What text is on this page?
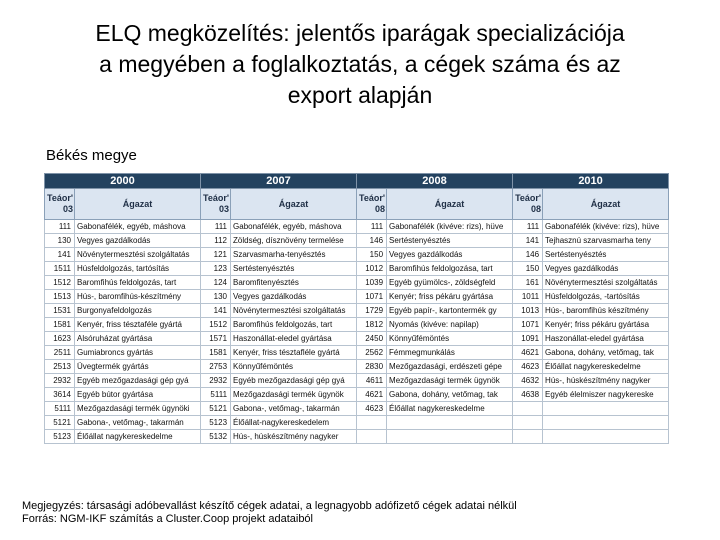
ELQ megközelítés: jelentős iparágak specializációja
a megyében a foglalkoztatás, a cégek száma és az
export alapján
Békés megye
2000		2007		2008		2010	
Teáor' 03	Ágazat	Teáor' 03	Ágazat	Teáor' 08	Ágazat	Teáor' 08	Ágazat
111	Gabonafélék, egyéb, máshova	111	Gabonafélék, egyéb, máshova	111	Gabonafélék (kivéve: rizs), hüve	111	Gabonafélék (kivéve: rizs), hüve
130	Vegyes gazdálkodás	112	Zöldség, dísznövény termelése	146	Sertéstenyésztés	141	Tejhasznú szarvasmarha teny
141	Növénytermesztési szolgáltatás	121	Szarvasmarha-tenyésztés	150	Vegyes gazdálkodás	146	Sertéstenyésztés
1511	Húsfeldolgozás, tartósítás	123	Sertéstenyésztés	1012	Baromfihús feldolgozása, tart	150	Vegyes gazdálkodás
1512	Baromfihús feldolgozás, tart	124	Baromfitenyésztés	1039	Egyéb gyümölcs-, zöldségfeld	161	Növénytermesztési szolgáltatás
1513	Hús-, baromfihús-készítmény	130	Vegyes gazdálkodás	1071	Kenyér; friss pékáru gyártása	1011	Húsfeldolgozás, -tartósítás
1531	Burgonyafeldolgozás	141	Növénytermesztési szolgáltatás	1729	Egyéb papír-, kartontermék gy	1013	Hús-, baromfihús készítmény
1581	Kenyér, friss tésztaféle gyártá	1512	Baromfihús feldolgozás, tart	1812	Nyomás (kivéve: napilap)	1071	Kenyér; friss pékáru gyártása
1623	Alsóruházat gyártása	1571	Haszonállat-eledel gyártása	2450	Könnyűfémöntés	1091	Haszonállat-eledel gyártása
2511	Gumiabroncs gyártás	1581	Kenyér, friss tésztafléle gyártá	2562	Fémmegmunkálás	4621	Gabona, dohány, vetőmag, tak
2513	Üvegtermék gyártás	2753	Könnyűfémöntés	2830	Mezőgazdasági, erdészeti gépe	4623	Élőállat nagykereskedelme
2932	Egyéb mezőgazdasági gép gyá	2932	Egyéb mezőgazdasági gép gyá	4611	Mezőgazdasági termék ügynök	4632	Hús-, húskészítmény nagyker
3614	Egyéb bútor gyártása	5111	Mezőgazdasági termék ügynök	4621	Gabona, dohány, vetőmag, tak	4638	Egyéb élelmiszer nagykereske
5111	Mezőgazdasági termék ügynöki	5121	Gabona-, vetőmag-, takarmán	4623	Élőállat nagykereskedelme		
5121	Gabona-, vetőmag-, takarmán	5123	Élőállat-nagykereskedelem				
5123	Élőállat nagykereskedelme	5132	Hús-, húskészítmény nagyker				
Megjegyzés: társasági adóbevallást készítő cégek adatai, a legnagyobb adófizető cégek adatai nélkül
Forrás: NGM-IKF számítás a Cluster.Coop projekt adataiból
